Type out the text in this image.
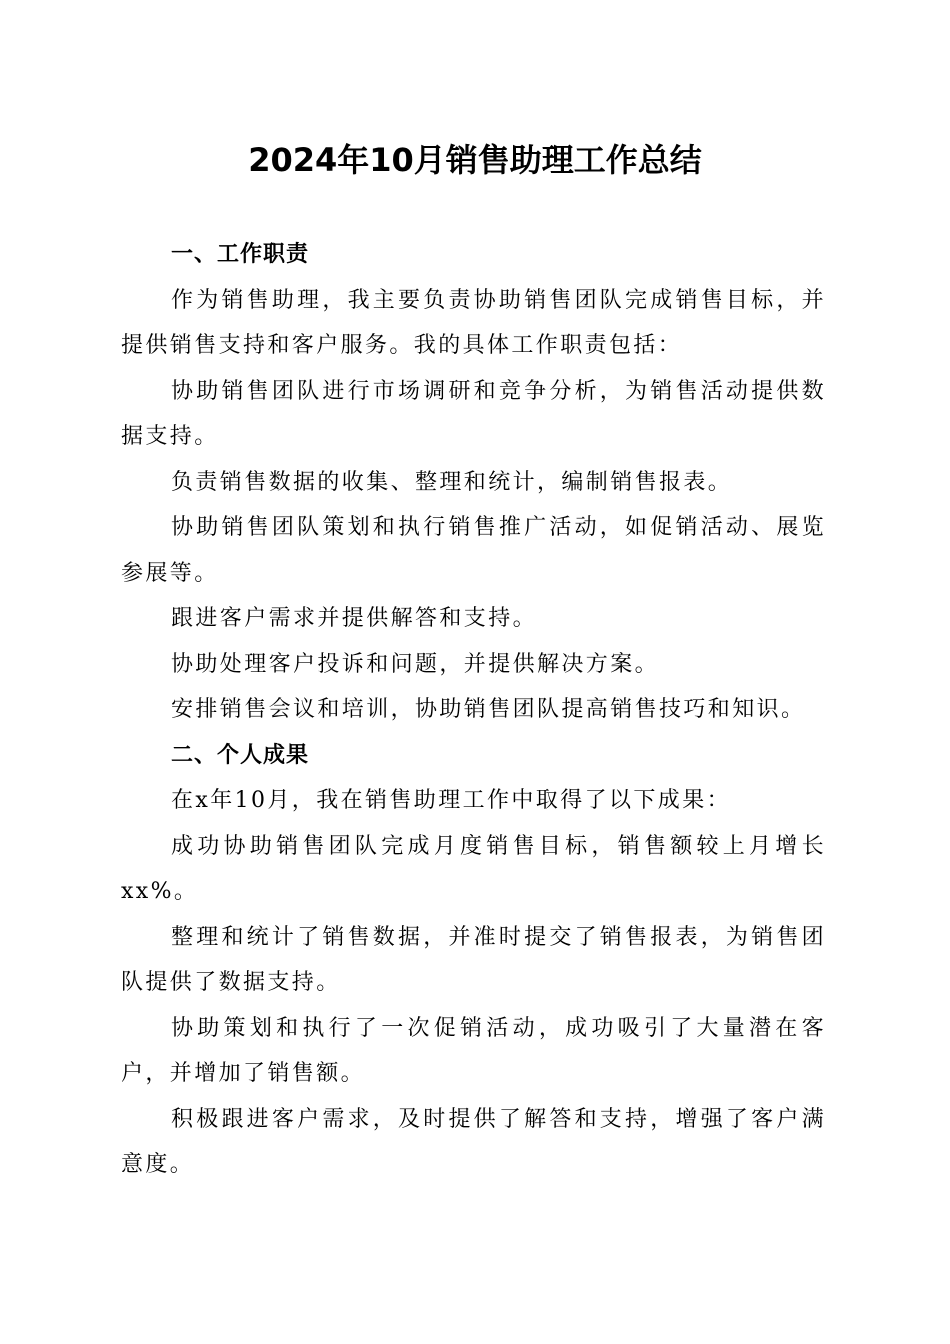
2024年10月销售助理工作总结

一、工作职责

作为销售助理，我主要负责协助销售团队完成销售目标，并提供销售支持和客户服务。我的具体工作职责包括：

协助销售团队进行市场调研和竞争分析，为销售活动提供数据支持。

负责销售数据的收集、整理和统计，编制销售报表。

协助销售团队策划和执行销售推广活动，如促销活动、展览参展等。

跟进客户需求并提供解答和支持。

协助处理客户投诉和问题，并提供解决方案。

安排销售会议和培训，协助销售团队提高销售技巧和知识。

二、个人成果

在x年10月，我在销售助理工作中取得了以下成果：

成功协助销售团队完成月度销售目标，销售额较上月增长xx%。

整理和统计了销售数据，并准时提交了销售报表，为销售团队提供了数据支持。

协助策划和执行了一次促销活动，成功吸引了大量潜在客户，并增加了销售额。

积极跟进客户需求，及时提供了解答和支持，增强了客户满意度。
